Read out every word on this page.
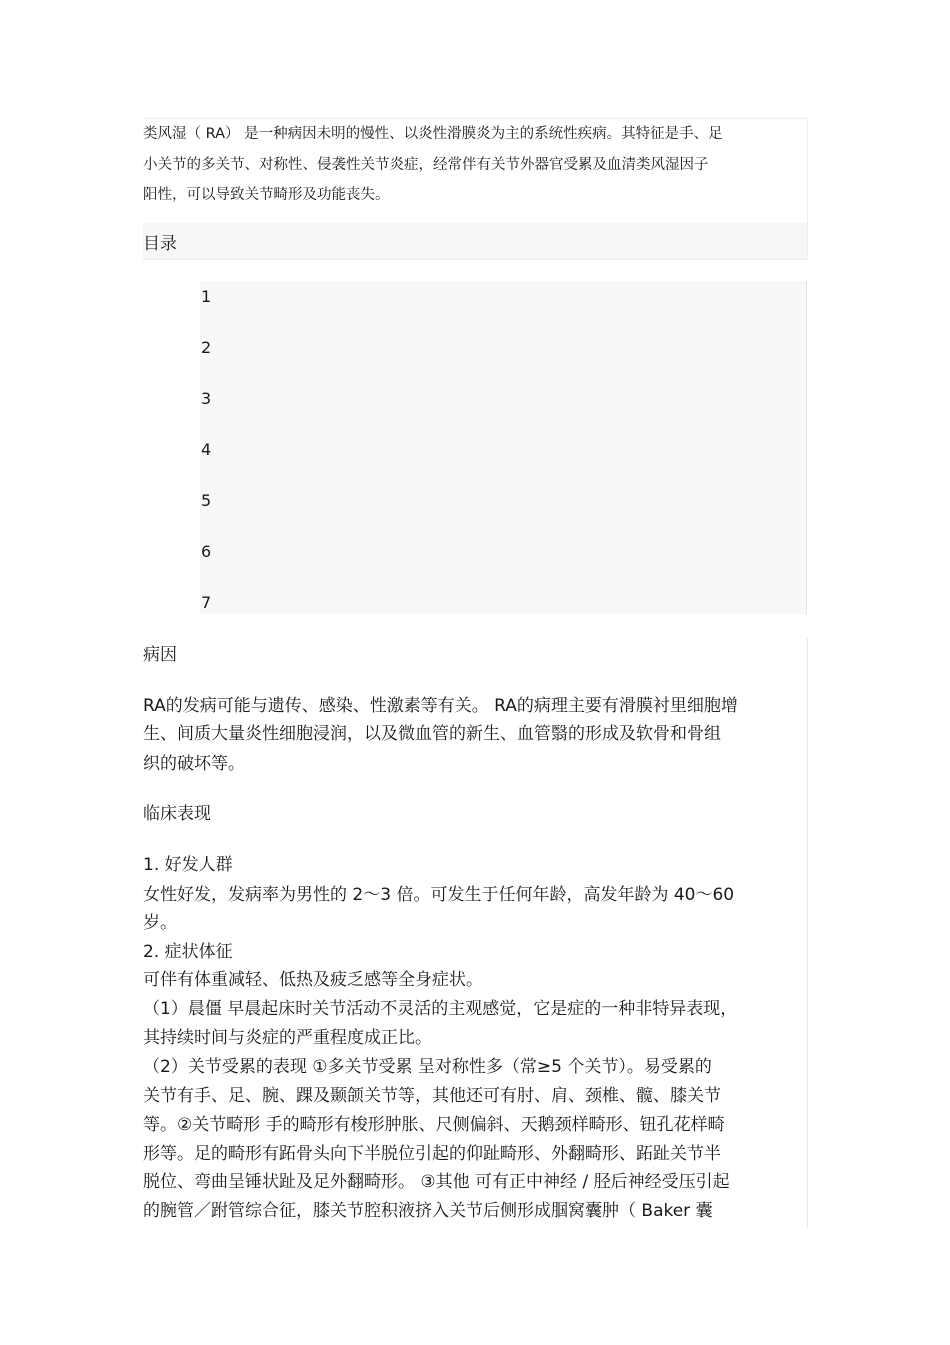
类风湿（ RA） 是一种病因未明的慢性、以炎性滑膜炎为主的系统性疾病。其特征是手、足
小关节的多关节、对称性、侵袭性关节炎症，经常伴有关节外器官受累及血清类风湿因子
阳性，可以导致关节畸形及功能丧失。
目录
1
2
3
4
5
6
7
病因
RA的发病可能与遗传、感染、性激素等有关。 RA的病理主要有滑膜衬里细胞增
生、间质大量炎性细胞浸润，以及微血管的新生、血管翳的形成及软骨和骨组
织的破坏等。
临床表现
1. 好发人群
女性好发，发病率为男性的 2～3 倍。可发生于任何年龄，高发年龄为 40～60
岁。
2. 症状体征
可伴有体重减轻、低热及疲乏感等全身症状。
（1）晨僵 早晨起床时关节活动不灵活的主观感觉，它是症的一种非特异表现，
其持续时间与炎症的严重程度成正比。
（2）关节受累的表现 ①多关节受累 呈对称性多（常≥5 个关节）。易受累的
关节有手、足、腕、踝及颞颌关节等，其他还可有肘、肩、颈椎、髋、膝关节
等。②关节畸形 手的畸形有梭形肿胀、尺侧偏斜、天鹅颈样畸形、钮孔花样畸
形等。足的畸形有跖骨头向下半脱位引起的仰趾畸形、外翻畸形、跖趾关节半
脱位、弯曲呈锤状趾及足外翻畸形。 ③其他 可有正中神经 / 胫后神经受压引起
的腕管／跗管综合征，膝关节腔积液挤入关节后侧形成腘窝囊肿（ Baker 囊
